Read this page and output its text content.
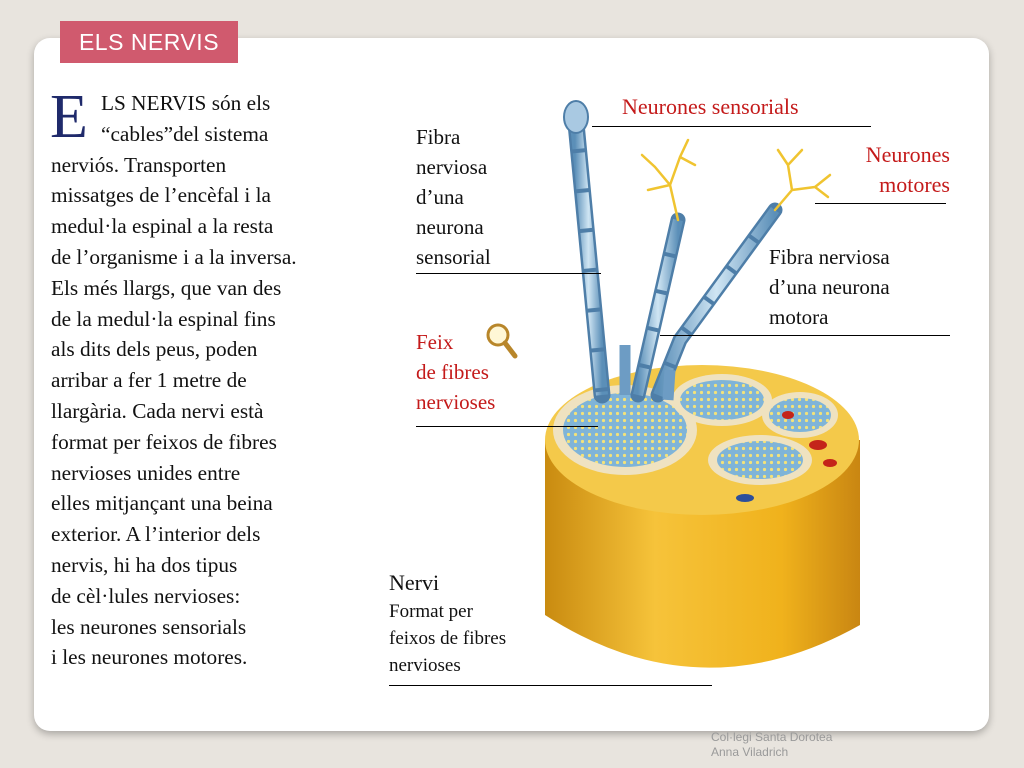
ELS NERVIS
E LS NERVIS són els
“cables”del sistema
nerviós. Transporten
missatges de l’encèfal i la
medul·la espinal a la resta
de l’organisme i a la inversa.
Els més llargs, que van des
de la medul·la espinal fins
als dits dels peus, poden
arribar a fer 1 metre de
llargària. Cada nervi està
format per feixos de fibres
nervioses unides entre
elles mitjançant una beina
exterior. A l’interior dels
nervis, hi ha dos tipus
de cèl·lules nervioses:
les neurones sensorials
i les neurones motores.
Neurones sensorials
Neurones
motores
Fibra
nerviosa
d’una
neurona
sensorial	Fibra nerviosa
d’una neurona
motora
Feix
de fibres
nervioses
Nervi
Format per
feixos de fibres
nervioses
Col·legi Santa Dorotea
Anna Viladrich
